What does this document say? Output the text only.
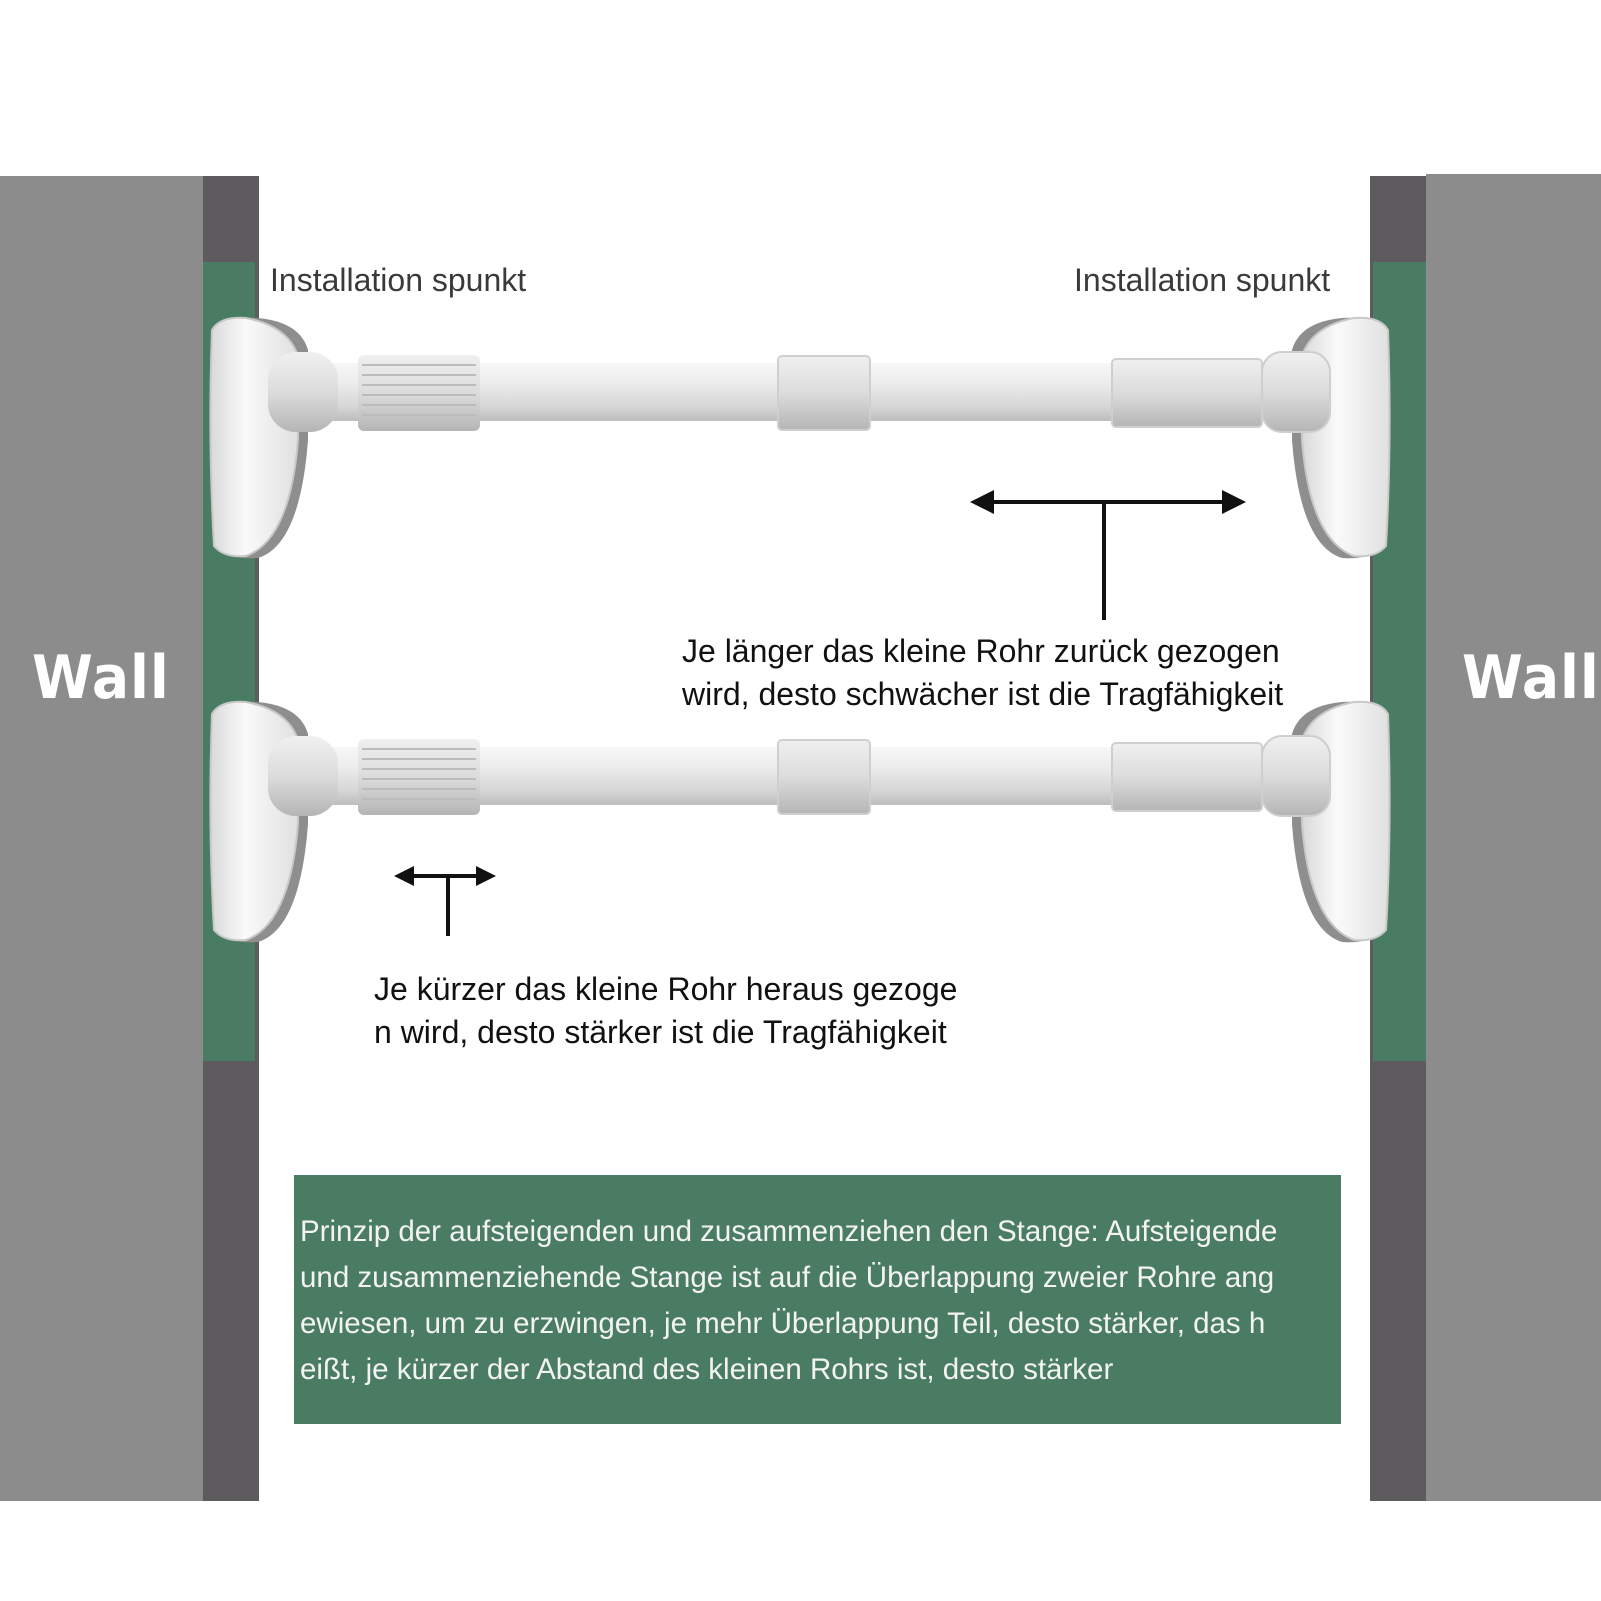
Wall	Wall
Installation spunkt	Installation spunkt
Je länger das kleine Rohr zurück gezogen
wird, desto schwächer ist die Tragfähigkeit
Je kürzer das kleine Rohr heraus gezoge
n wird, desto stärker ist die Tragfähigkeit
Prinzip der aufsteigenden und zusammenziehen den Stange: Aufsteigende
und zusammenziehende Stange ist auf die Überlappung zweier Rohre ang
ewiesen, um zu erzwingen, je mehr Überlappung Teil, desto stärker, das h
eißt, je kürzer der Abstand des kleinen Rohrs ist, desto stärker
